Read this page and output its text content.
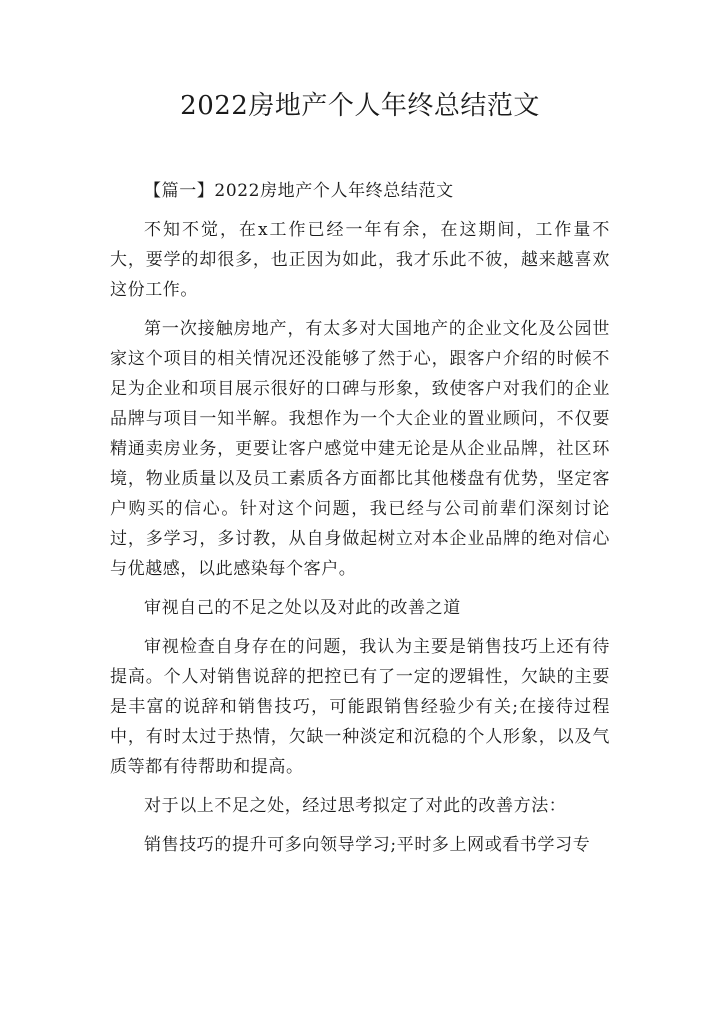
2022房地产个人年终总结范文

【篇一】2022房地产个人年终总结范文

不知不觉，在x工作已经一年有余，在这期间，工作量不大，要学的却很多，也正因为如此，我才乐此不彼，越来越喜欢这份工作。

第一次接触房地产，有太多对大国地产的企业文化及公园世家这个项目的相关情况还没能够了然于心，跟客户介绍的时候不足为企业和项目展示很好的口碑与形象，致使客户对我们的企业品牌与项目一知半解。我想作为一个大企业的置业顾问，不仅要精通卖房业务，更要让客户感觉中建无论是从企业品牌，社区环境，物业质量以及员工素质各方面都比其他楼盘有优势，坚定客户购买的信心。针对这个问题，我已经与公司前辈们深刻讨论过，多学习，多讨教，从自身做起树立对本企业品牌的绝对信心与优越感，以此感染每个客户。

审视自己的不足之处以及对此的改善之道

审视检查自身存在的问题，我认为主要是销售技巧上还有待提高。个人对销售说辞的把控已有了一定的逻辑性，欠缺的主要是丰富的说辞和销售技巧，可能跟销售经验少有关;在接待过程中，有时太过于热情，欠缺一种淡定和沉稳的个人形象，以及气质等都有待帮助和提高。

对于以上不足之处，经过思考拟定了对此的改善方法：

销售技巧的提升可多向领导学习;平时多上网或看书学习专
